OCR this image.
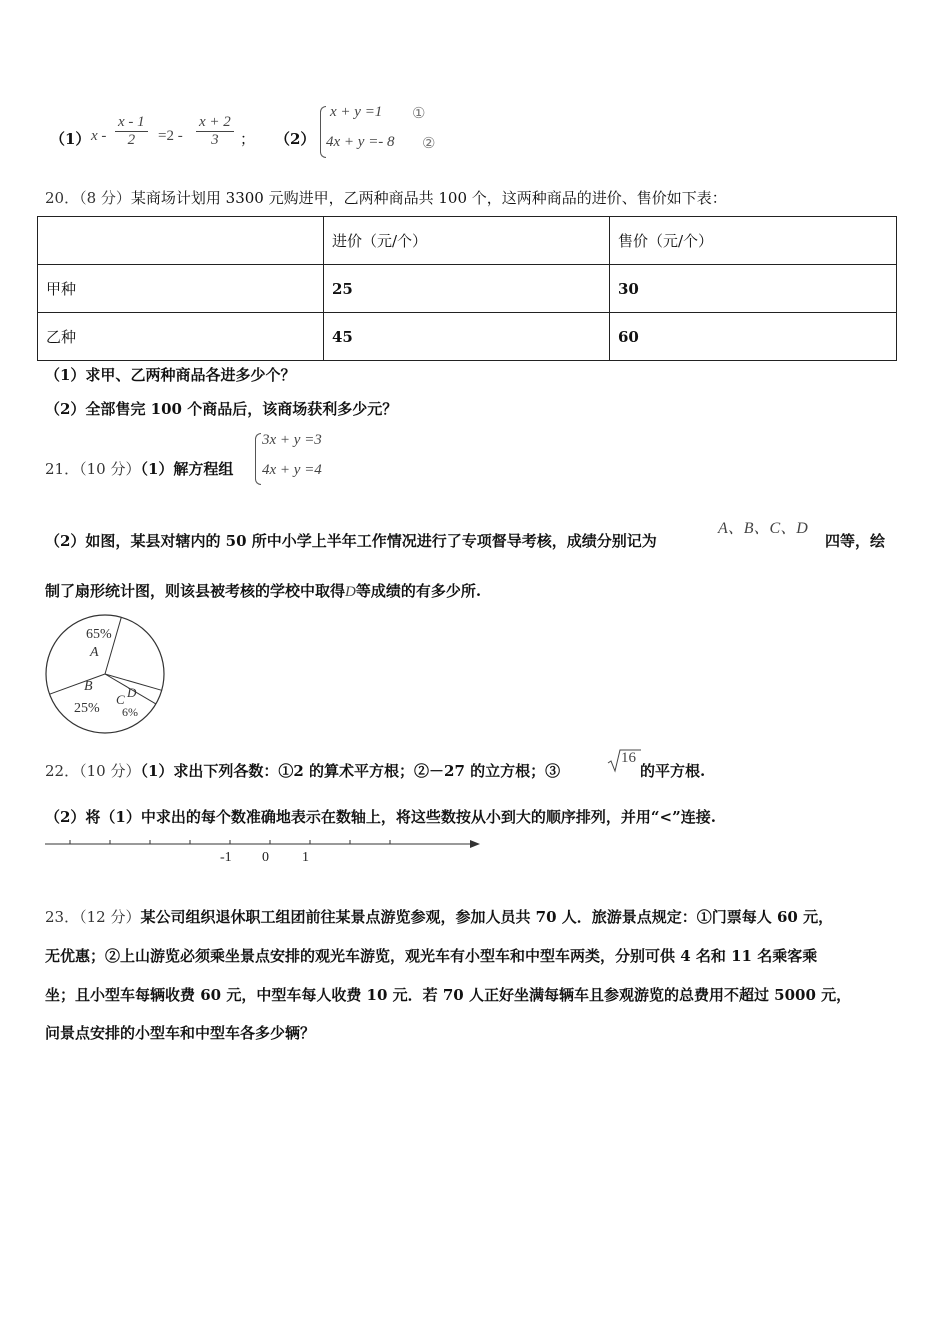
（1） $x - \frac{x - 1}{2} =2 - \frac{x + 2}{3}$ ； （2）
x + y =1 ①
4x + y =- 8 ②
20．（8 分）某商场计划用 3300 元购进甲，乙两种商品共 100 个，这两种商品的进价、售价如下表：
	进价（元/个）	售价（元/个）
甲种	25	30
乙种	45	60
（1）求甲、乙两种商品各进多少个？
（2）全部售完 100 个商品后，该商场获利多少元？
21．（10 分）（1）解方程组
3x + y =3
4x + y =4
（2）如图，某县对辖内的 50 所中小学上半年工作情况进行了专项督导考核，成绩分别记为
A、B、C、D
四等，绘
制了扇形统计图，则该县被考核的学校中取得D等成绩的有多少所.
65%
A
B
25%
C D
6%
22．（10 分）（1）求出下列各数：①2 的算术平方根；②－27 的立方根；③
16
的平方根.
（2）将（1）中求出的每个数准确地表示在数轴上，将这些数按从小到大的顺序排列，并用“<”连接.
-1 0 1
23．（12 分）某公司组织退休职工组团前往某景点游览参观，参加人员共 70 人．旅游景点规定：①门票每人 60 元，
无优惠；②上山游览必须乘坐景点安排的观光车游览，观光车有小型车和中型车两类，分别可供 4 名和 11 名乘客乘
坐；且小型车每辆收费 60 元，中型车每人收费 10 元．若 70 人正好坐满每辆车且参观游览的总费用不超过 5000 元，
问景点安排的小型车和中型车各多少辆？
